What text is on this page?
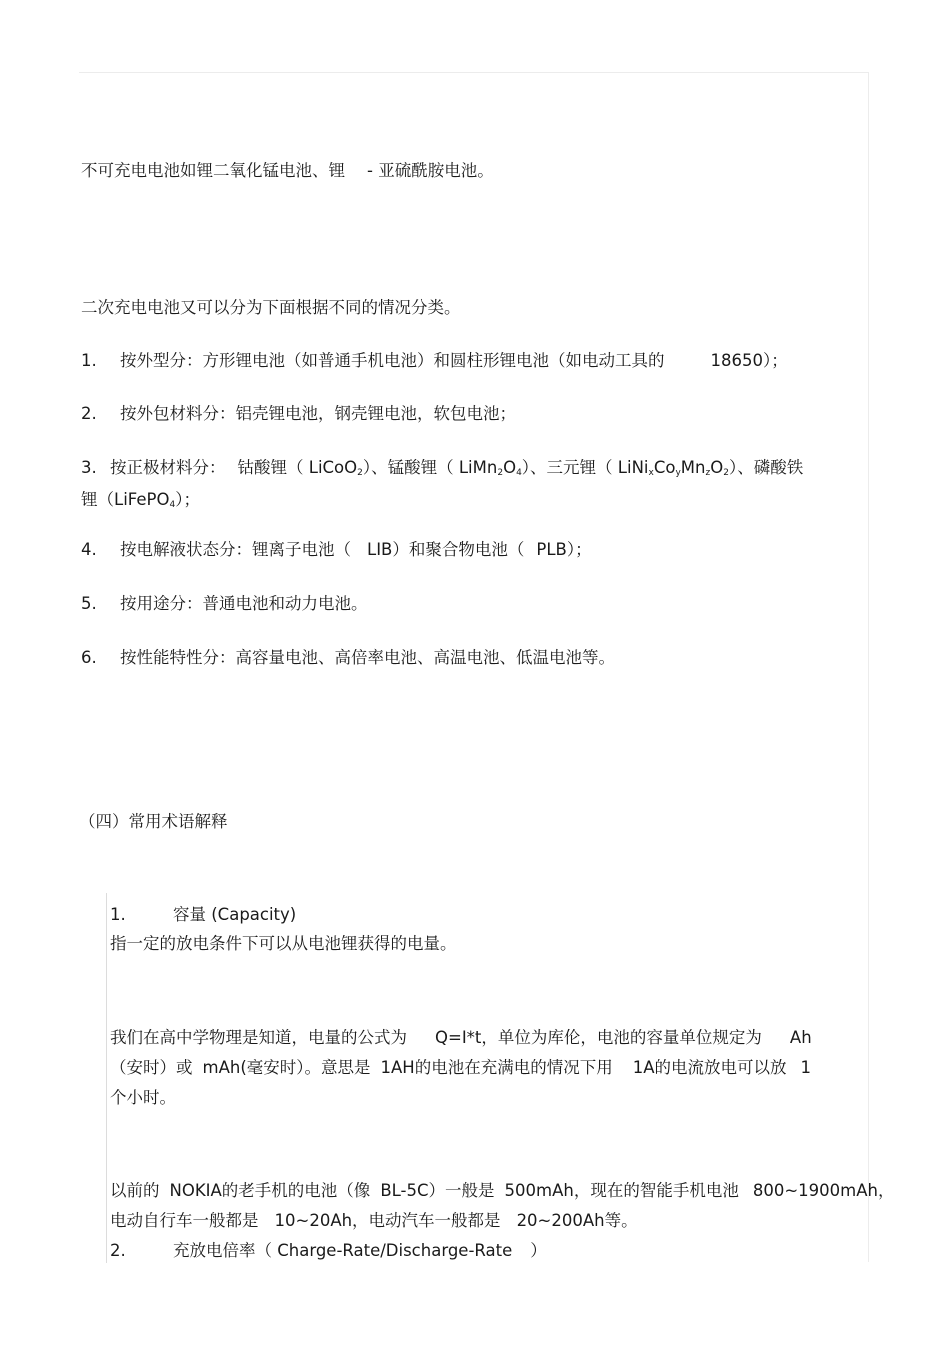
不可充电电池如锂二氧化锰电池、锂 - 亚硫酰胺电池。
二次充电电池又可以分为下面根据不同的情况分类。
1. 按外型分：方形锂电池（如普通手机电池）和圆柱形锂电池（如电动工具的	18650）；
2. 按外包材料分：铝壳锂电池，钢壳锂电池，软包电池；
3. 按正极材料分： 钴酸锂（ LiCoO$_2$）、锰酸锂（ $LiMn_2O_4$）、三元锂（ $LiNi_xCo_yMn_zO_2$）、磷酸铁
锂（LiFePO$_4$）；
4. 按电解液状态分：锂离子电池（ LIB）和聚合物电池（ PLB）；
5. 按用途分：普通电池和动力电池。
6. 按性能特性分：高容量电池、高倍率电池、高温电池、低温电池等。
（四）常用术语解释
1.	容量 (Capacity)
指一定的放电条件下可以从电池锂获得的电量。
我们在高中学物理是知道，电量的公式为 Q=I*t，单位为库伦，电池的容量单位规定为 Ah
（安时）或 mAh(毫安时）。意思是 1AH的电池在充满电的情况下用 1A的电流放电可以放 1
个小时。
以前的 NOKIA的老手机的电池（像 BL-5C）一般是 500mAh，现在的智能手机电池 800~1900mAh，
电动自行车一般都是 10~20Ah，电动汽车一般都是 20~200Ah等。
2.	充放电倍率（ Charge-Rate/Discharge-Rate ）
